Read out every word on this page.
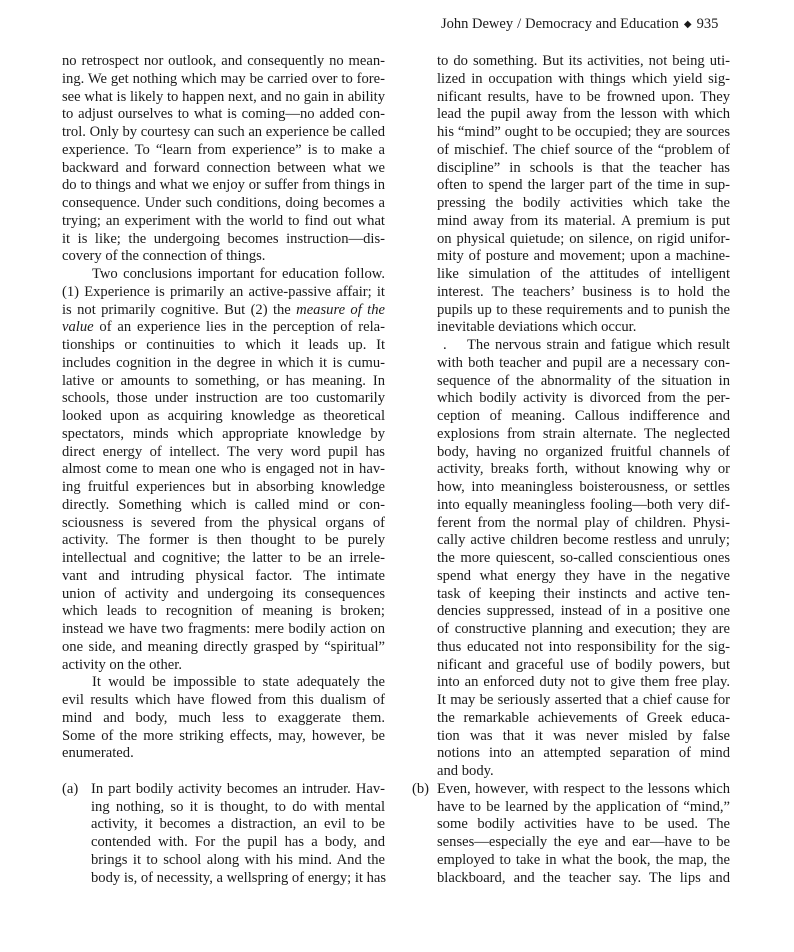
John Dewey / Democracy and Education ◆ 935
no retrospect nor outlook, and consequently no mean-
ing. We get nothing which may be carried over to fore-
see what is likely to happen next, and no gain in ability
to adjust ourselves to what is coming—no added con-
trol. Only by courtesy can such an experience be called
experience. To “learn from experience” is to make a
backward and forward connection between what we
do to things and what we enjoy or suffer from things in
consequence. Under such conditions, doing becomes a
trying; an experiment with the world to find out what
it is like; the undergoing becomes instruction—dis-
covery of the connection of things.
Two conclusions important for education follow.
(1) Experience is primarily an active-passive affair; it
is not primarily cognitive. But (2) the measure of the
value of an experience lies in the perception of rela-
tionships or continuities to which it leads up. It
includes cognition in the degree in which it is cumu-
lative or amounts to something, or has meaning. In
schools, those under instruction are too customarily
looked upon as acquiring knowledge as theoretical
spectators, minds which appropriate knowledge by
direct energy of intellect. The very word pupil has
almost come to mean one who is engaged not in hav-
ing fruitful experiences but in absorbing knowledge
directly. Something which is called mind or con-
sciousness is severed from the physical organs of
activity. The former is then thought to be purely
intellectual and cognitive; the latter to be an irrele-
vant and intruding physical factor. The intimate
union of activity and undergoing its consequences
which leads to recognition of meaning is broken;
instead we have two fragments: mere bodily action on
one side, and meaning directly grasped by “spiritual”
activity on the other.
It would be impossible to state adequately the
evil results which have flowed from this dualism of
mind and body, much less to exaggerate them.
Some of the more striking effects, may, however, be
enumerated.
(a) In part bodily activity becomes an intruder. Hav-
ing nothing, so it is thought, to do with mental
activity, it becomes a distraction, an evil to be
contended with. For the pupil has a body, and
brings it to school along with his mind. And the
body is, of necessity, a wellspring of energy; it has
to do something. But its activities, not being uti-
lized in occupation with things which yield sig-
nificant results, have to be frowned upon. They
lead the pupil away from the lesson with which
his “mind” ought to be occupied; they are sources
of mischief. The chief source of the “problem of
discipline” in schools is that the teacher has
often to spend the larger part of the time in sup-
pressing the bodily activities which take the
mind away from its material. A premium is put
on physical quietude; on silence, on rigid unifor-
mity of posture and movement; upon a machine-
like simulation of the attitudes of intelligent
interest. The teachers’ business is to hold the
pupils up to these requirements and to punish the
inevitable deviations which occur.
. The nervous strain and fatigue which result
with both teacher and pupil are a necessary con-
sequence of the abnormality of the situation in
which bodily activity is divorced from the per-
ception of meaning. Callous indifference and
explosions from strain alternate. The neglected
body, having no organized fruitful channels of
activity, breaks forth, without knowing why or
how, into meaningless boisterousness, or settles
into equally meaningless fooling—both very dif-
ferent from the normal play of children. Physi-
cally active children become restless and unruly;
the more quiescent, so-called conscientious ones
spend what energy they have in the negative
task of keeping their instincts and active ten-
dencies suppressed, instead of in a positive one
of constructive planning and execution; they are
thus educated not into responsibility for the sig-
nificant and graceful use of bodily powers, but
into an enforced duty not to give them free play.
It may be seriously asserted that a chief cause for
the remarkable achievements of Greek educa-
tion was that it was never misled by false
notions into an attempted separation of mind
and body.
(b) Even, however, with respect to the lessons which
have to be learned by the application of “mind,”
some bodily activities have to be used. The
senses—especially the eye and ear—have to be
employed to take in what the book, the map, the
blackboard, and the teacher say. The lips and
